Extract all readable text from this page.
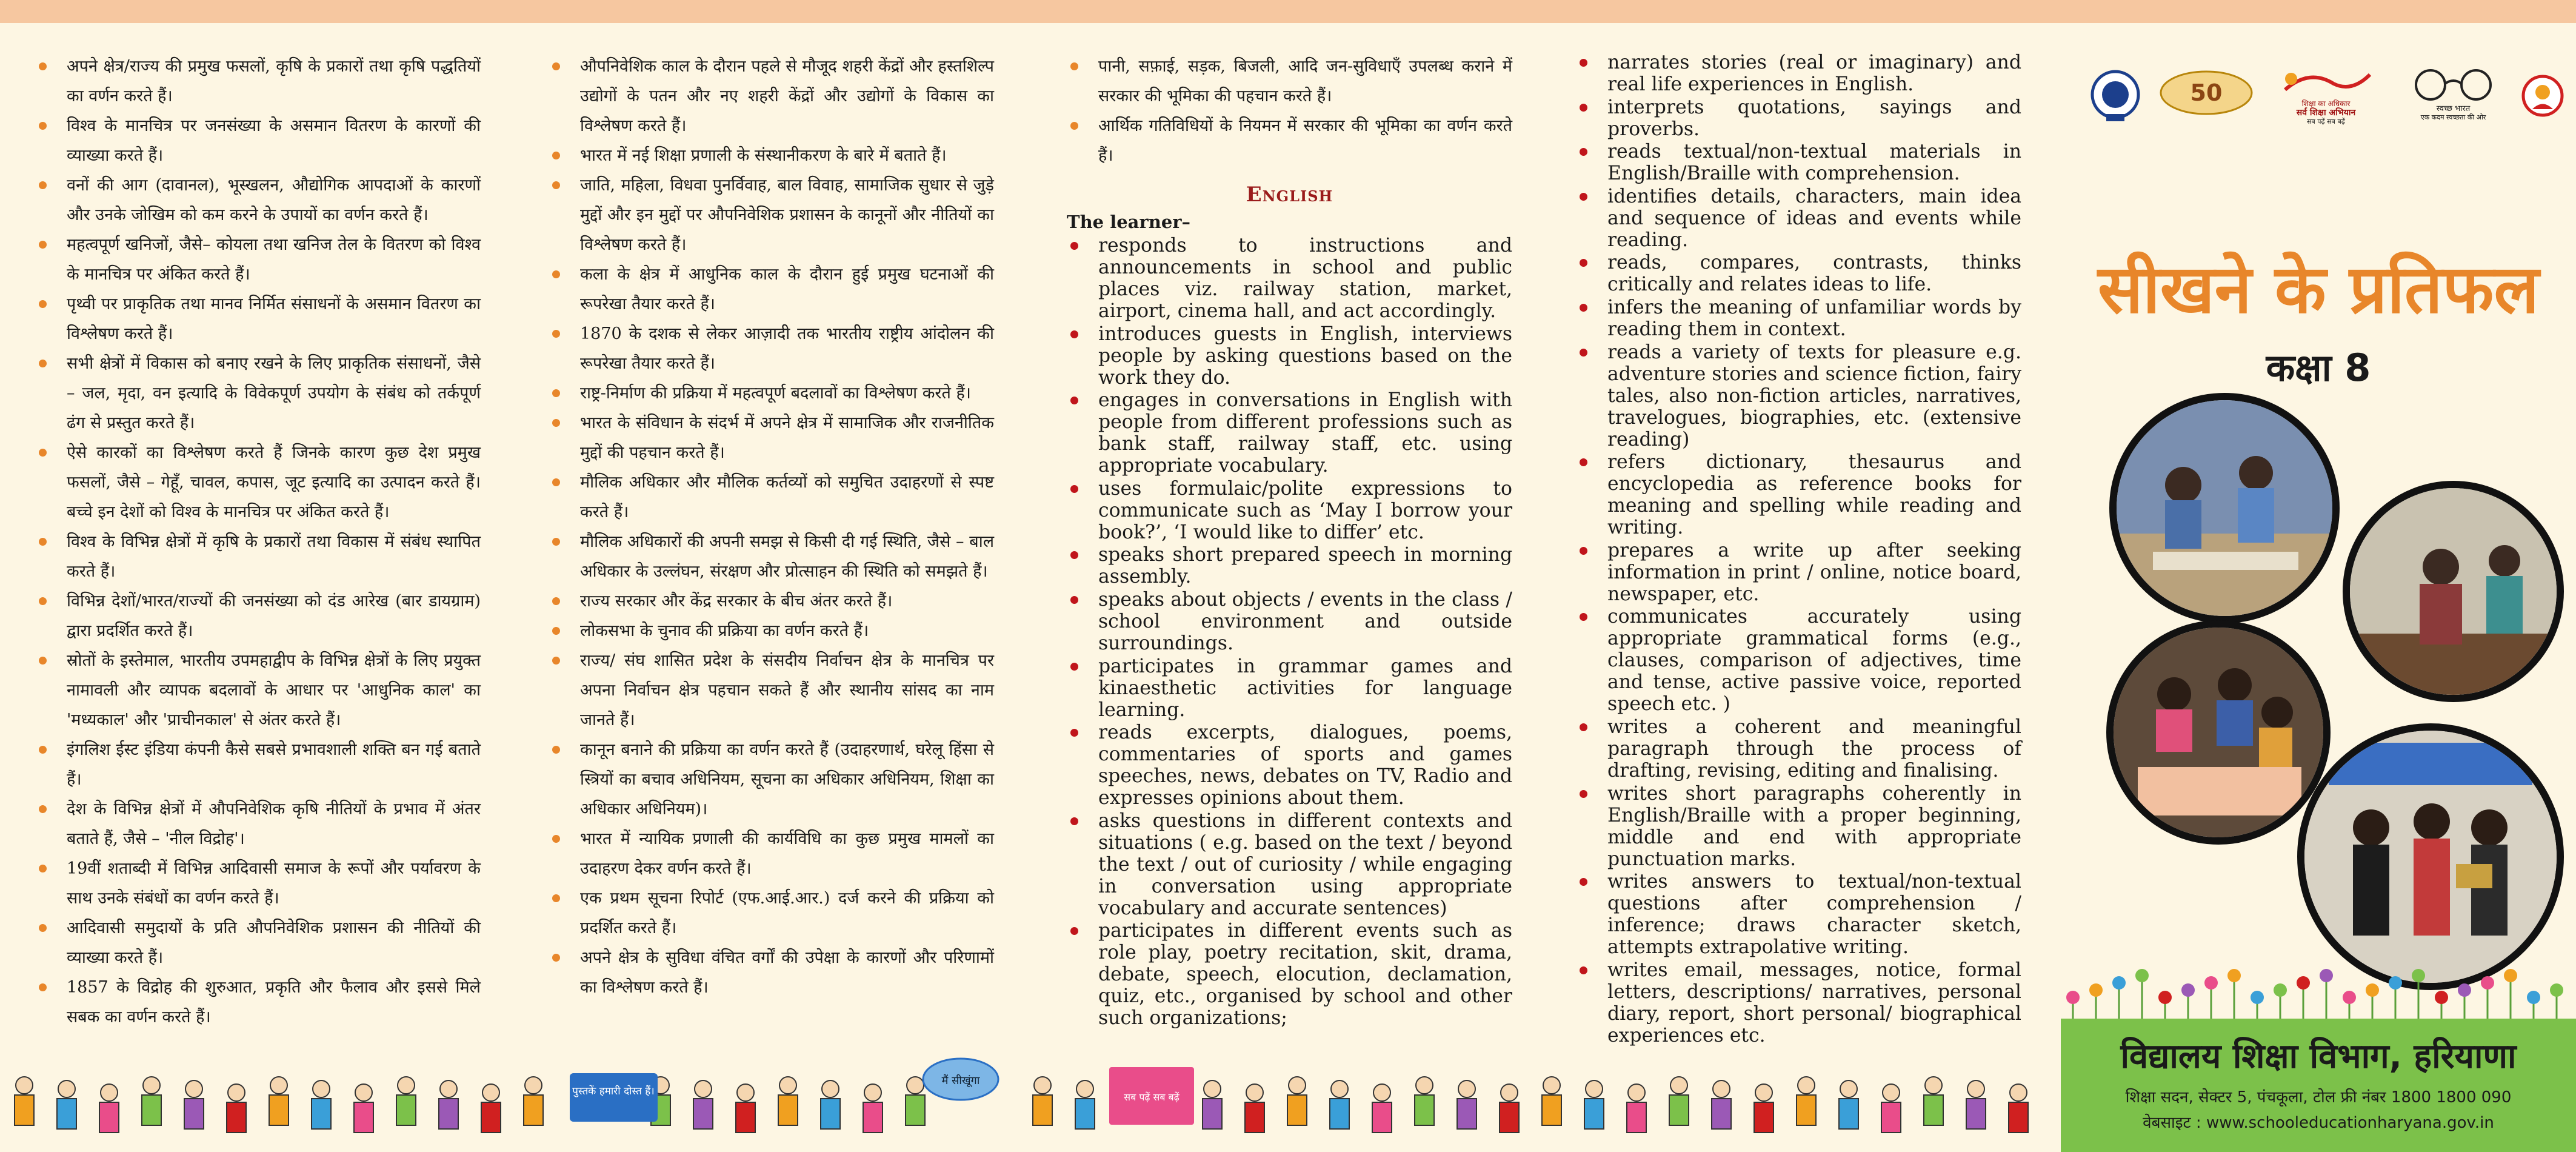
अपने क्षेत्र/राज्य की प्रमुख फसलों, कृषि के प्रकारों तथा कृषि पद्धतियों का वर्णन करते हैं।
विश्व के मानचित्र पर जनसंख्या के असमान वितरण के कारणों की व्याख्या करते हैं।
वनों की आग (दावानल), भूस्खलन, औद्योगिक आपदाओं के कारणों और उनके जोखिम को कम करने के उपायों का वर्णन करते हैं।
महत्वपूर्ण खनिजों, जैसे– कोयला तथा खनिज तेल के वितरण को विश्व के मानचित्र पर अंकित करते हैं।
पृथ्वी पर प्राकृतिक तथा मानव निर्मित संसाधनों के असमान वितरण का विश्लेषण करते हैं।
सभी क्षेत्रों में विकास को बनाए रखने के लिए प्राकृतिक संसाधनों, जैसे – जल, मृदा, वन इत्यादि के विवेकपूर्ण उपयोग के संबंध को तर्कपूर्ण ढंग से प्रस्तुत करते हैं।
ऐसे कारकों का विश्लेषण करते हैं जिनके कारण कुछ देश प्रमुख फसलों, जैसे – गेहूँ, चावल, कपास, जूट इत्यादि का उत्पादन करते हैं। बच्चे इन देशों को विश्व के मानचित्र पर अंकित करते हैं।
विश्व के विभिन्न क्षेत्रों में कृषि के प्रकारों तथा विकास में संबंध स्थापित करते हैं।
विभिन्न देशों/भारत/राज्यों की जनसंख्या को दंड आरेख (बार डायग्राम) द्वारा प्रदर्शित करते हैं।
स्रोतों के इस्तेमाल, भारतीय उपमहाद्वीप के विभिन्न क्षेत्रों के लिए प्रयुक्त नामावली और व्यापक बदलावों के आधार पर 'आधुनिक काल' का 'मध्यकाल' और 'प्राचीनकाल' से अंतर करते हैं।
इंगलिश ईस्ट इंडिया कंपनी कैसे सबसे प्रभावशाली शक्ति बन गई बताते हैं।
देश के विभिन्न क्षेत्रों में औपनिवेशिक कृषि नीतियों के प्रभाव में अंतर बताते हैं, जैसे – 'नील विद्रोह'।
19वीं शताब्दी में विभिन्न आदिवासी समाज के रूपों और पर्यावरण के साथ उनके संबंधों का वर्णन करते हैं।
आदिवासी समुदायों के प्रति औपनिवेशिक प्रशासन की नीतियों की व्याख्या करते हैं।
1857 के विद्रोह की शुरुआत, प्रकृति और फैलाव और इससे मिले सबक का वर्णन करते हैं।
औपनिवेशिक काल के दौरान पहले से मौजूद शहरी केंद्रों और हस्तशिल्प उद्योगों के पतन और नए शहरी केंद्रों और उद्योगों के विकास का विश्लेषण करते हैं।
भारत में नई शिक्षा प्रणाली के संस्थानीकरण के बारे में बताते हैं।
जाति, महिला, विधवा पुनर्विवाह, बाल विवाह, सामाजिक सुधार से जुड़े मुद्दों और इन मुद्दों पर औपनिवेशिक प्रशासन के कानूनों और नीतियों का विश्लेषण करते हैं।
कला के क्षेत्र में आधुनिक काल के दौरान हुई प्रमुख घटनाओं की रूपरेखा तैयार करते हैं।
1870 के दशक से लेकर आज़ादी तक भारतीय राष्ट्रीय आंदोलन की रूपरेखा तैयार करते हैं।
राष्ट्र-निर्माण की प्रक्रिया में महत्वपूर्ण बदलावों का विश्लेषण करते हैं।
भारत के संविधान के संदर्भ में अपने क्षेत्र में सामाजिक और राजनीतिक मुद्दों की पहचान करते हैं।
मौलिक अधिकार और मौलिक कर्तव्यों को समुचित उदाहरणों से स्पष्ट करते हैं।
मौलिक अधिकारों की अपनी समझ से किसी दी गई स्थिति, जैसे – बाल अधिकार के उल्लंघन, संरक्षण और प्रोत्साहन की स्थिति को समझते हैं।
राज्य सरकार और केंद्र सरकार के बीच अंतर करते हैं।
लोकसभा के चुनाव की प्रक्रिया का वर्णन करते हैं।
राज्य/ संघ शासित प्रदेश के संसदीय निर्वाचन क्षेत्र के मानचित्र पर अपना निर्वाचन क्षेत्र पहचान सकते हैं और स्थानीय सांसद का नाम जानते हैं।
कानून बनाने की प्रक्रिया का वर्णन करते हैं (उदाहरणार्थ, घरेलू हिंसा से स्त्रियों का बचाव अधिनियम, सूचना का अधिकार अधिनियम, शिक्षा का अधिकार अधिनियम)।
भारत में न्यायिक प्रणाली की कार्यविधि का कुछ प्रमुख मामलों का उदाहरण देकर वर्णन करते हैं।
एक प्रथम सूचना रिपोर्ट (एफ.आई.आर.) दर्ज करने की प्रक्रिया को प्रदर्शित करते हैं।
अपने क्षेत्र के सुविधा वंचित वर्गों की उपेक्षा के कारणों और परिणामों का विश्लेषण करते हैं।
पानी, सफ़ाई, सड़क, बिजली, आदि जन-सुविधाएँ उपलब्ध कराने में सरकार की भूमिका की पहचान करते हैं।
आर्थिक गतिविधियों के नियमन में सरकार की भूमिका का वर्णन करते हैं।
English
The learner–
responds to instructions and announcements in school and public places viz. railway station, market, airport, cinema hall, and act accordingly.
introduces guests in English, interviews people by asking questions based on the work they do.
engages in conversations in English with people from different professions such as bank staff, railway staff, etc. using appropriate vocabulary.
uses formulaic/polite expressions to communicate such as ‘May I borrow your book?’, ‘I would like to differ’ etc.
speaks short prepared speech in morning assembly.
speaks about objects / events in the class / school environment and outside surroundings.
participates in grammar games and kinaesthetic activities for language learning.
reads excerpts, dialogues, poems, commentaries of sports and games speeches, news, debates on TV, Radio and expresses opinions about them.
asks questions in different contexts and situations ( e.g. based on the text / beyond the text / out of curiosity / while engaging in conversation using appropriate vocabulary and accurate sentences)
participates in different events such as role play, poetry recitation, skit, drama, debate, speech, elocution, declamation, quiz, etc., organised by school and other such organizations;
narrates stories (real or imaginary) and real life experiences in English.
interprets quotations, sayings and proverbs.
reads textual/non-textual materials in English/Braille with comprehension.
identifies details, characters, main idea and sequence of ideas and events while reading.
reads, compares, contrasts, thinks critically and relates ideas to life.
infers the meaning of unfamiliar words by reading them in context.
reads a variety of texts for pleasure e.g. adventure stories and science fiction, fairy tales, also non-fiction articles, narratives, travelogues, biographies, etc. (extensive reading)
refers dictionary, thesaurus and encyclopedia as reference books for meaning and spelling while reading and writing.
prepares a write up after seeking information in print / online, notice board, newspaper, etc.
communicates accurately using appropriate grammatical forms (e.g., clauses, comparison of adjectives, time and tense, active passive voice, reported speech etc. )
writes a coherent and meaningful paragraph through the process of drafting, revising, editing and finalising.
writes short paragraphs coherently in English/Braille with a proper beginning, middle and end with appropriate punctuation marks.
writes answers to textual/non-textual questions after comprehension / inference; draws character sketch, attempts extrapolative writing.
writes email, messages, notice, formal letters, descriptions/ narratives, personal diary, report, short personal/ biographical experiences etc.
50	शिक्षा का अधिकार
सर्व शिक्षा अभियान
सब पढ़ें सब बढ़ें
स्वच्छ भारत
एक कदम स्वच्छता की ओर
सीखने के प्रतिफल
कक्षा 8
विद्यालय शिक्षा विभाग, हरियाणा
शिक्षा सदन, सेक्टर 5, पंचकूला, टोल फ्री नंबर 1800 1800 090
वेबसाइट : www.schooleducationharyana.gov.in
पुस्तकें हमारी दोस्त हैं।
मैं सीखूंगा
सब पढ़ें सब बढ़ें
